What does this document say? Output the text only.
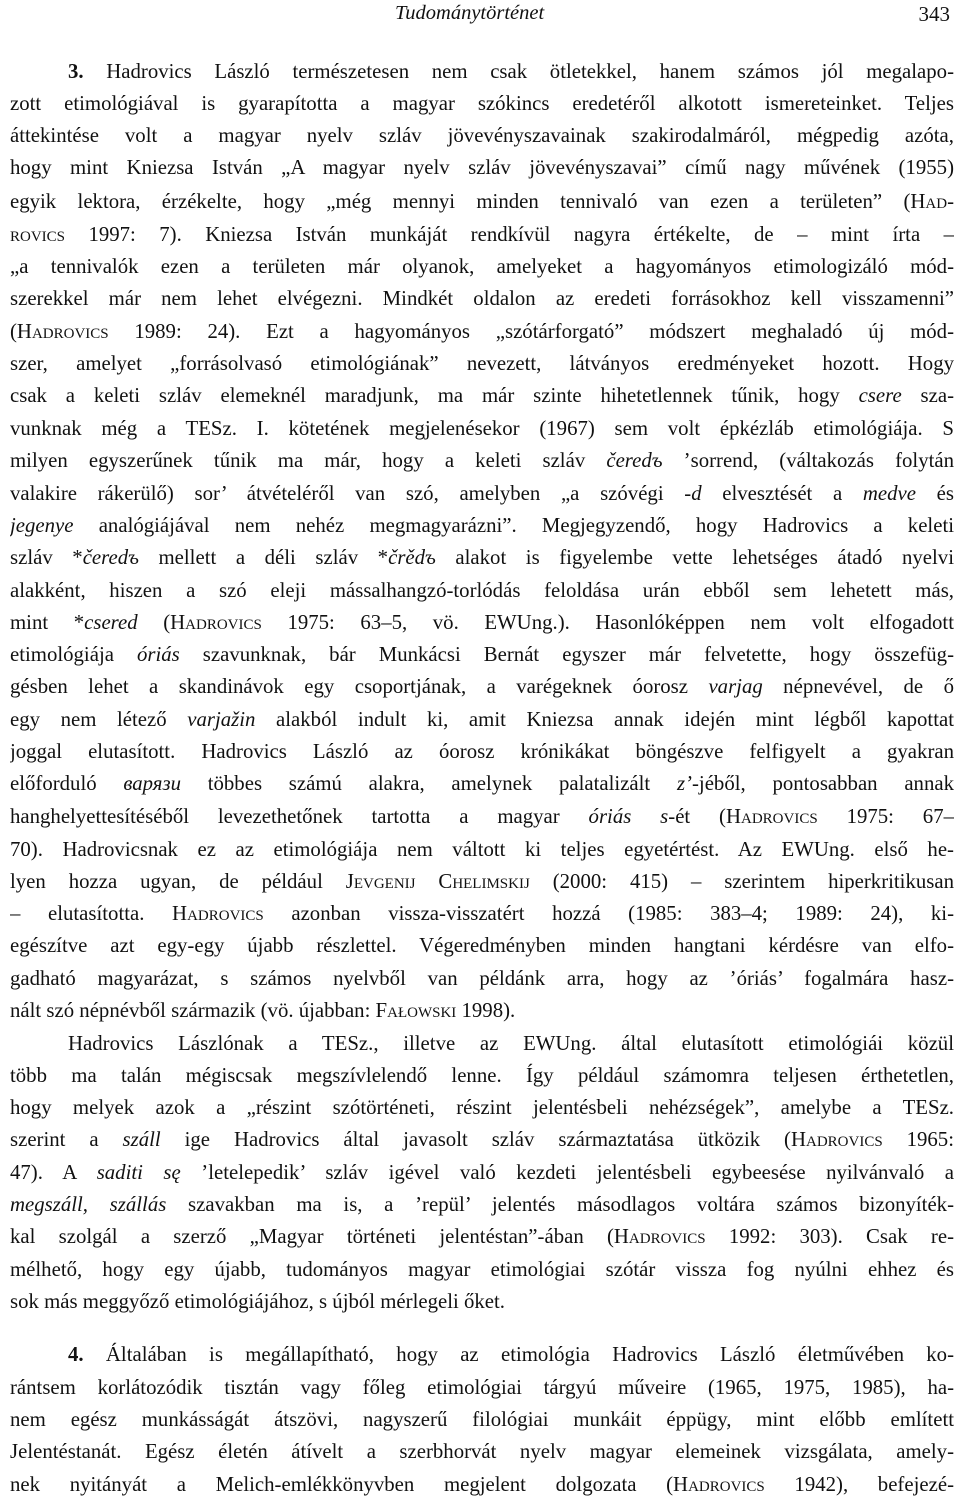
Tudománytörténet	343
3. Hadrovics László természetesen nem csak ötletekkel, hanem számos jól megalapo-
zott etimológiával is gyarapította a magyar szókincs eredetéről alkotott ismereteinket. Teljes
áttekintése volt a magyar nyelv szláv jövevényszavainak szakirodalmáról, mégpedig azóta,
hogy mint Kniezsa István „A magyar nyelv szláv jövevényszavai” című nagy művének (1955)
egyik lektora, érzékelte, hogy „még mennyi minden tennivaló van ezen a területen” (Had-
rovics 1997: 7). Kniezsa István munkáját rendkívül nagyra értékelte, de – mint írta –
„a tennivalók ezen a területen már olyanok, amelyeket a hagyományos etimologizáló mód-
szerekkel már nem lehet elvégezni. Mindkét oldalon az eredeti forrásokhoz kell visszamenni”
(Hadrovics 1989: 24). Ezt a hagyományos „szótárforgató” módszert meghaladó új mód-
szer, amelyet „forrásolvasó etimológiának” nevezett, látványos eredményeket hozott. Hogy
csak a keleti szláv elemeknél maradjunk, ma már szinte hihetetlennek tűnik, hogy csere sza-
vunknak még a TESz. I. kötetének megjelenésekor (1967) sem volt épkézláb etimológiája. S
milyen egyszerűnek tűnik ma már, hogy a keleti szláv čeredъ ’sorrend, (váltakozás folytán
valakire rákerülő) sor’ átvételéről van szó, amelyben „a szóvégi -d elvesztését a medve és
jegenye analógiájával nem nehéz megmagyarázni”. Megjegyzendő, hogy Hadrovics a keleti
szláv *čeredъ mellett a déli szláv *črědъ alakot is figyelembe vette lehetséges átadó nyelvi
alakként, hiszen a szó eleji mássalhangzó-torlódás feloldása urán ebből sem lehetett más,
mint *csered (Hadrovics 1975: 63–5, vö. EWUng.). Hasonlóképpen nem volt elfogadott
etimológiája óriás szavunknak, bár Munkácsi Bernát egyszer már felvetette, hogy összefüg-
gésben lehet a skandinávok egy csoportjának, a varégeknek óorosz varjag népnevével, de ő
egy nem létező varjažin alakból indult ki, amit Kniezsa annak idején mint légből kapottat
joggal elutasított. Hadrovics László az óorosz krónikákat böngészve felfigyelt a gyakran
előforduló варязи többes számú alakra, amelynek palatalizált z’-jéből, pontosabban annak
hanghelyettesítéséből levezethetőnek tartotta a magyar óriás s-ét (Hadrovics 1975: 67–
70). Hadrovicsnak ez az etimológiája nem váltott ki teljes egyetértést. Az EWUng. első he-
lyen hozza ugyan, de például Jevgenij Chelimskij (2000: 415) – szerintem hiperkritikusan
– elutasította. Hadrovics azonban vissza-visszatért hozzá (1985: 383–4; 1989: 24), ki-
egészítve azt egy-egy újabb részlettel. Végeredményben minden hangtani kérdésre van elfo-
gadható magyarázat, s számos nyelvből van példánk arra, hogy az ’óriás’ fogalmára hasz-
nált szó népnévből származik (vö. újabban: Fałowski 1998).
Hadrovics Lászlónak a TESz., illetve az EWUng. által elutasított etimológiái közül
több ma talán mégiscsak megszívlelendő lenne. Így például számomra teljesen érthetetlen,
hogy melyek azok a „részint szótörténeti, részint jelentésbeli nehézségek”, amelybe a TESz.
szerint a száll ige Hadrovics által javasolt szláv származtatása ütközik (Hadrovics 1965:
47). A saditi sę ’letelepedik’ szláv igével való kezdeti jelentésbeli egybeesése nyilvánvaló a
megszáll, szállás szavakban ma is, a ’repül’ jelentés másodlagos voltára számos bizonyíték-
kal szolgál a szerző „Magyar történeti jelentéstan”-ában (Hadrovics 1992: 303). Csak re-
mélhető, hogy egy újabb, tudományos magyar etimológiai szótár vissza fog nyúlni ehhez és
sok más meggyőző etimológiájához, s újból mérlegeli őket.
4. Általában is megállapítható, hogy az etimológia Hadrovics László életművében ko-
rántsem korlátozódik tisztán vagy főleg etimológiai tárgyú műveire (1965, 1975, 1985), ha-
nem egész munkásságát átszövi, nagyszerű filológiai munkáit éppügy, mint előbb említett
Jelentéstanát. Egész életén átívelt a szerbhorvát nyelv magyar elemeinek vizsgálata, amely-
nek nyitányát a Melich-emlékkönyvben megjelent dolgozata (Hadrovics 1942), befejezé-
